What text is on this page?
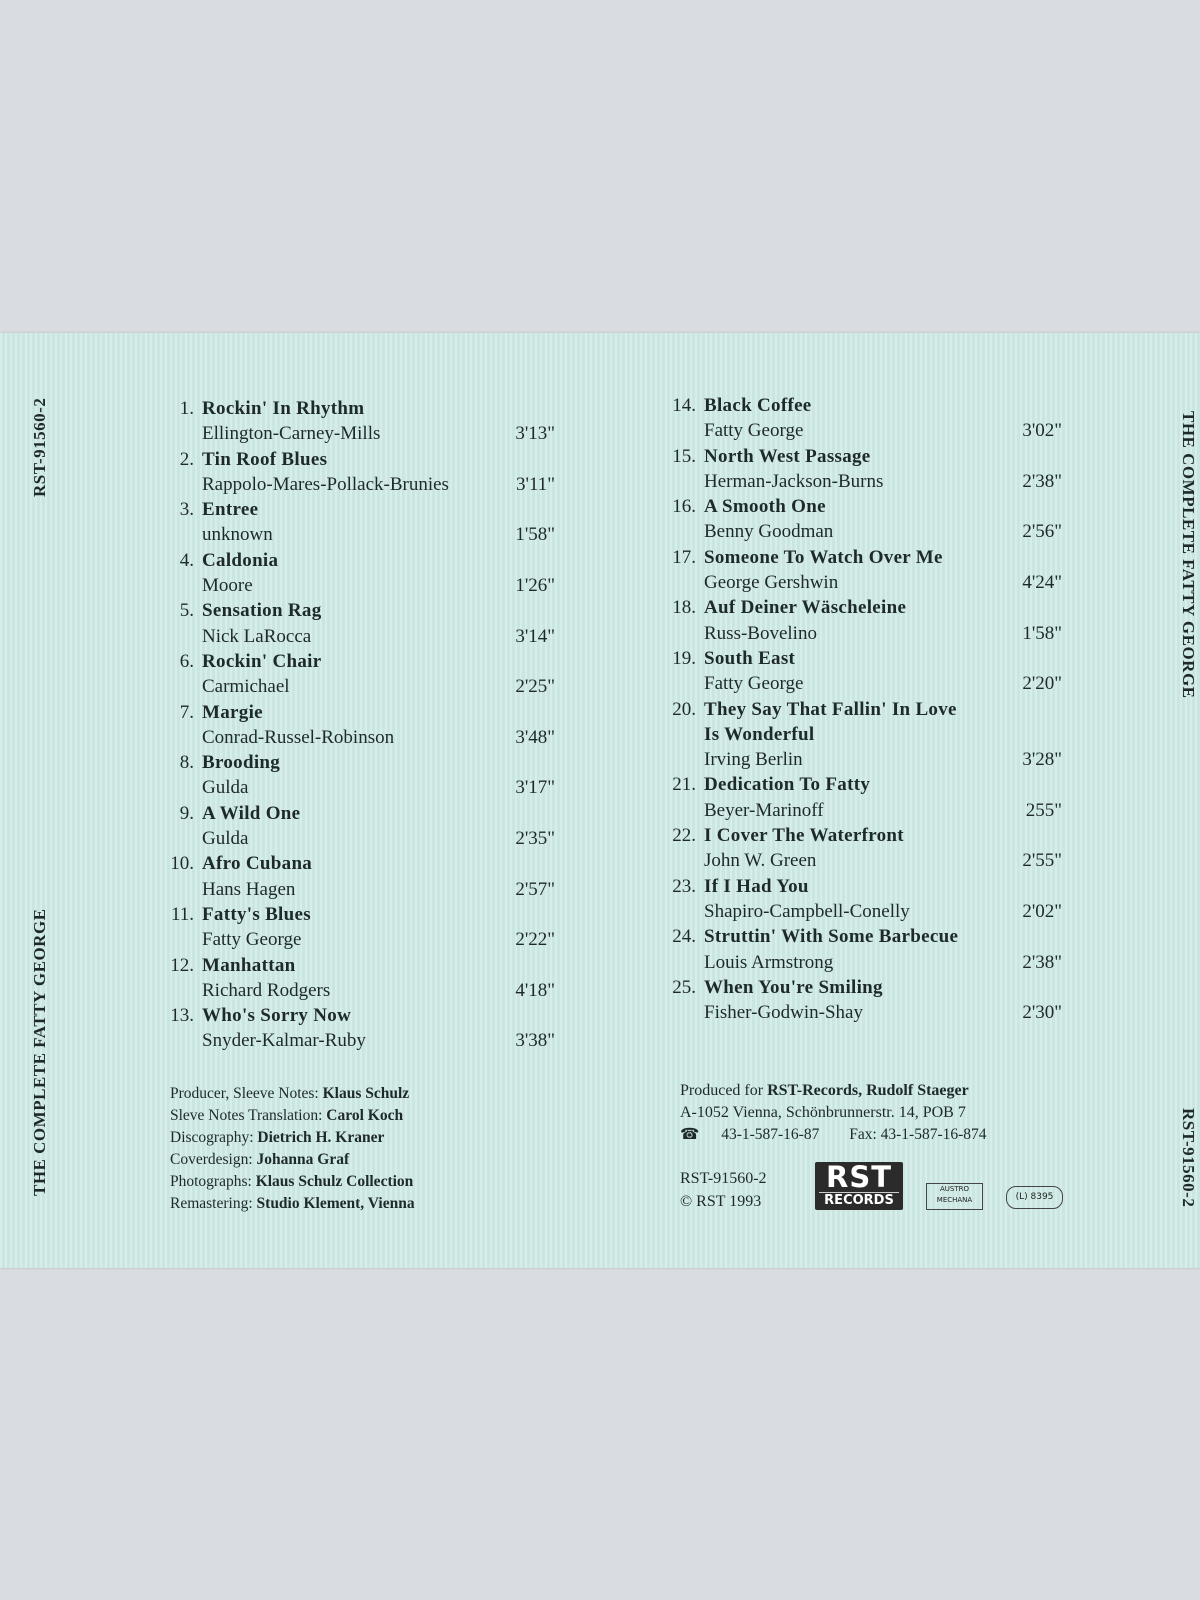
RST-91560-2
THE COMPLETE FATTY GEORGE
THE COMPLETE FATTY GEORGE
RST-91560-2
1. Rockin' In Rhythm
Ellington-Carney-Mills	3'13"
2. Tin Roof Blues
Rappolo-Mares-Pollack-Brunies	3'11"
3. Entree
unknown	1'58"
4. Caldonia
Moore	1'26"
5. Sensation Rag
Nick LaRocca	3'14"
6. Rockin' Chair
Carmichael	2'25"
7. Margie
Conrad-Russel-Robinson	3'48"
8. Brooding
Gulda	3'17"
9. A Wild One
Gulda	2'35"
10. Afro Cubana
Hans Hagen	2'57"
11. Fatty's Blues
Fatty George	2'22"
12. Manhattan
Richard Rodgers	4'18"
13. Who's Sorry Now
Snyder-Kalmar-Ruby	3'38"
14. Black Coffee
Fatty George	3'02"
15. North West Passage
Herman-Jackson-Burns	2'38"
16. A Smooth One
Benny Goodman	2'56"
17. Someone To Watch Over Me
George Gershwin	4'24"
18. Auf Deiner Wäscheleine
Russ-Bovelino	1'58"
19. South East
Fatty George	2'20"
20. They Say That Fallin' In Love
Is Wonderful
Irving Berlin	3'28"
21. Dedication To Fatty
Beyer-Marinoff	255"
22. I Cover The Waterfront
John W. Green	2'55"
23. If I Had You
Shapiro-Campbell-Conelly	2'02"
24. Struttin' With Some Barbecue
Louis Armstrong	2'38"
25. When You're Smiling
Fisher-Godwin-Shay	2'30"
Producer, Sleeve Notes: Klaus Schulz
Sleve Notes Translation: Carol Koch
Discography: Dietrich H. Kraner
Coverdesign: Johanna Graf
Photographs: Klaus Schulz Collection
Remastering: Studio Klement, Vienna
Produced for RST-Records, Rudolf Staeger
A-1052 Vienna, Schönbrunnerstr. 14, POB 7
☎ 43-1-587-16-87 Fax: 43-1-587-16-874
RST-91560-2
© RST 1993
RST
RECORDS
AUSTRO
MECHANA	(L) 8395
